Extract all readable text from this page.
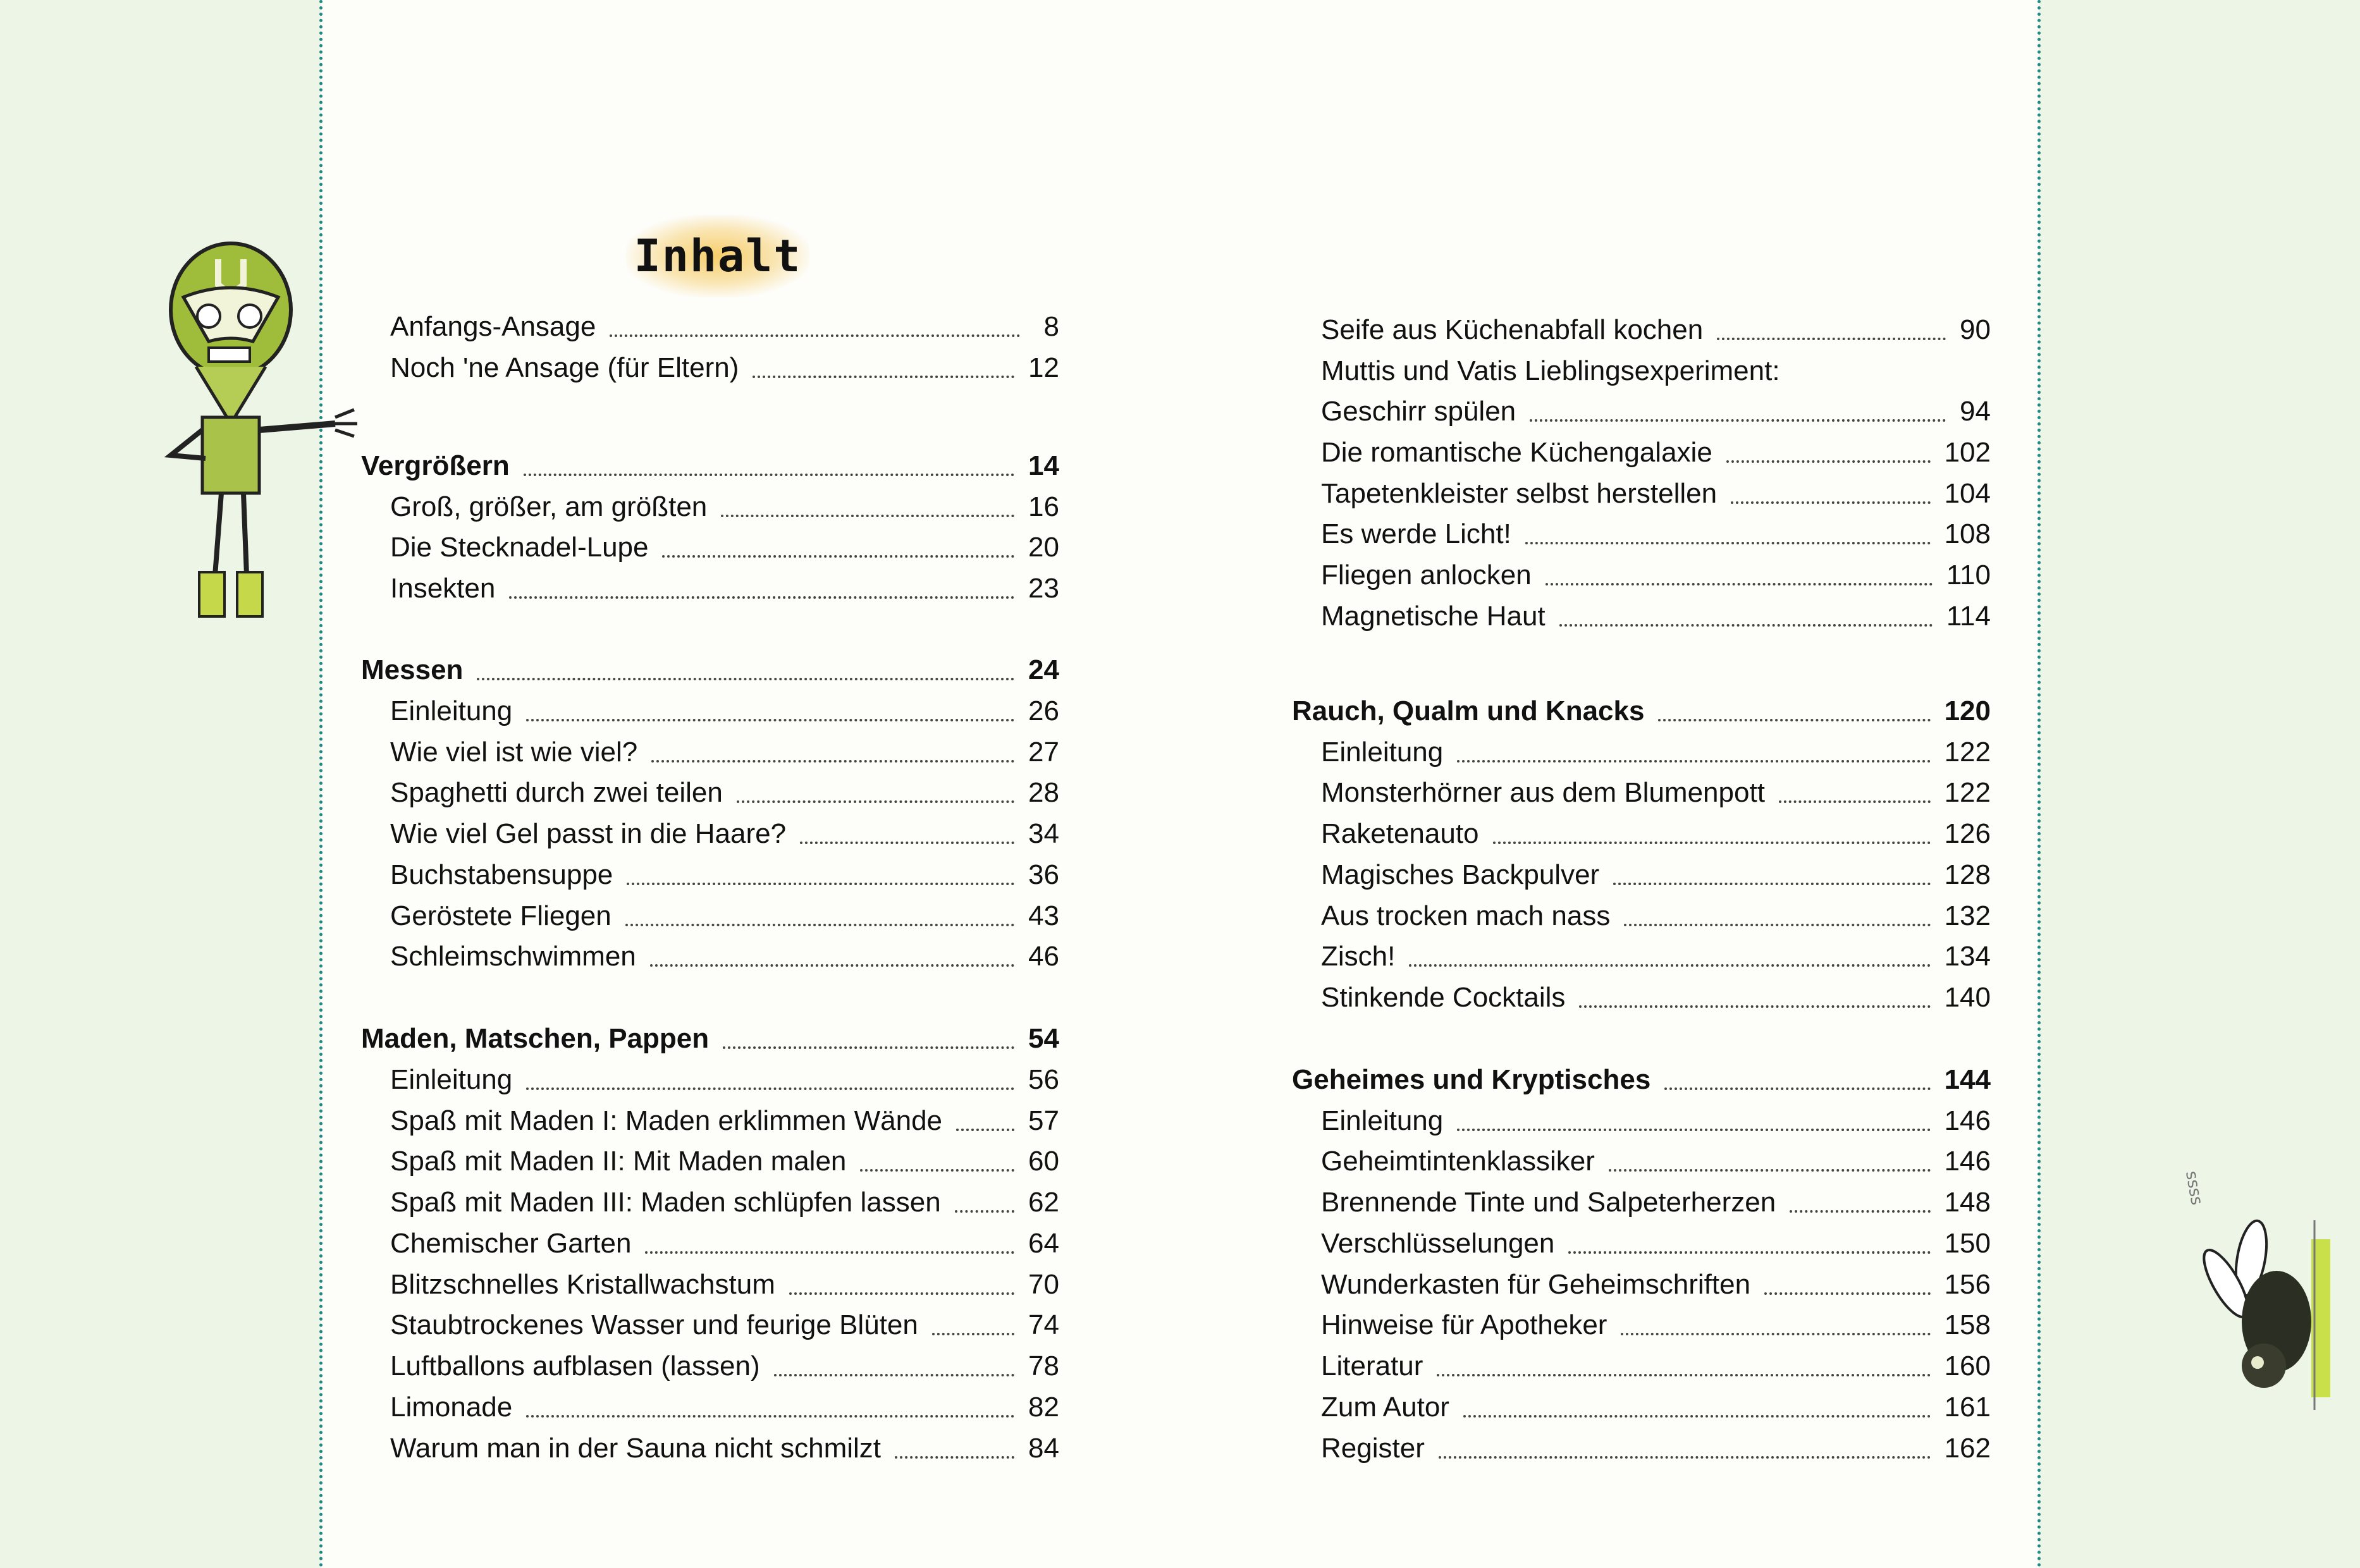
Inhalt
ssss
Anfangs-Ansage	8
Noch 'ne Ansage (für Eltern)	12
Vergrößern	14
Groß, größer, am größten	16
Die Stecknadel-Lupe	20
Insekten	23
Messen	24
Einleitung	26
Wie viel ist wie viel?	27
Spaghetti durch zwei teilen	28
Wie viel Gel passt in die Haare?	34
Buchstabensuppe	36
Geröstete Fliegen	43
Schleimschwimmen	46
Maden, Matschen, Pappen	54
Einleitung	56
Spaß mit Maden I: Maden erklimmen Wände	57
Spaß mit Maden II: Mit Maden malen	60
Spaß mit Maden III: Maden schlüpfen lassen	62
Chemischer Garten	64
Blitzschnelles Kristallwachstum	70
Staubtrockenes Wasser und feurige Blüten	74
Luftballons aufblasen (lassen)	78
Limonade	82
Warum man in der Sauna nicht schmilzt	84
Seife aus Küchenabfall kochen	90
Muttis und Vatis Lieblingsexperiment:
Geschirr spülen	94
Die romantische Küchengalaxie	102
Tapetenkleister selbst herstellen	104
Es werde Licht!	108
Fliegen anlocken	110
Magnetische Haut	114
Rauch, Qualm und Knacks	120
Einleitung	122
Monsterhörner aus dem Blumenpott	122
Raketenauto	126
Magisches Backpulver	128
Aus trocken mach nass	132
Zisch!	134
Stinkende Cocktails	140
Geheimes und Kryptisches	144
Einleitung	146
Geheimtintenklassiker	146
Brennende Tinte und Salpeterherzen	148
Verschlüsselungen	150
Wunderkasten für Geheimschriften	156
Hinweise für Apotheker	158
Literatur	160
Zum Autor	161
Register	162
